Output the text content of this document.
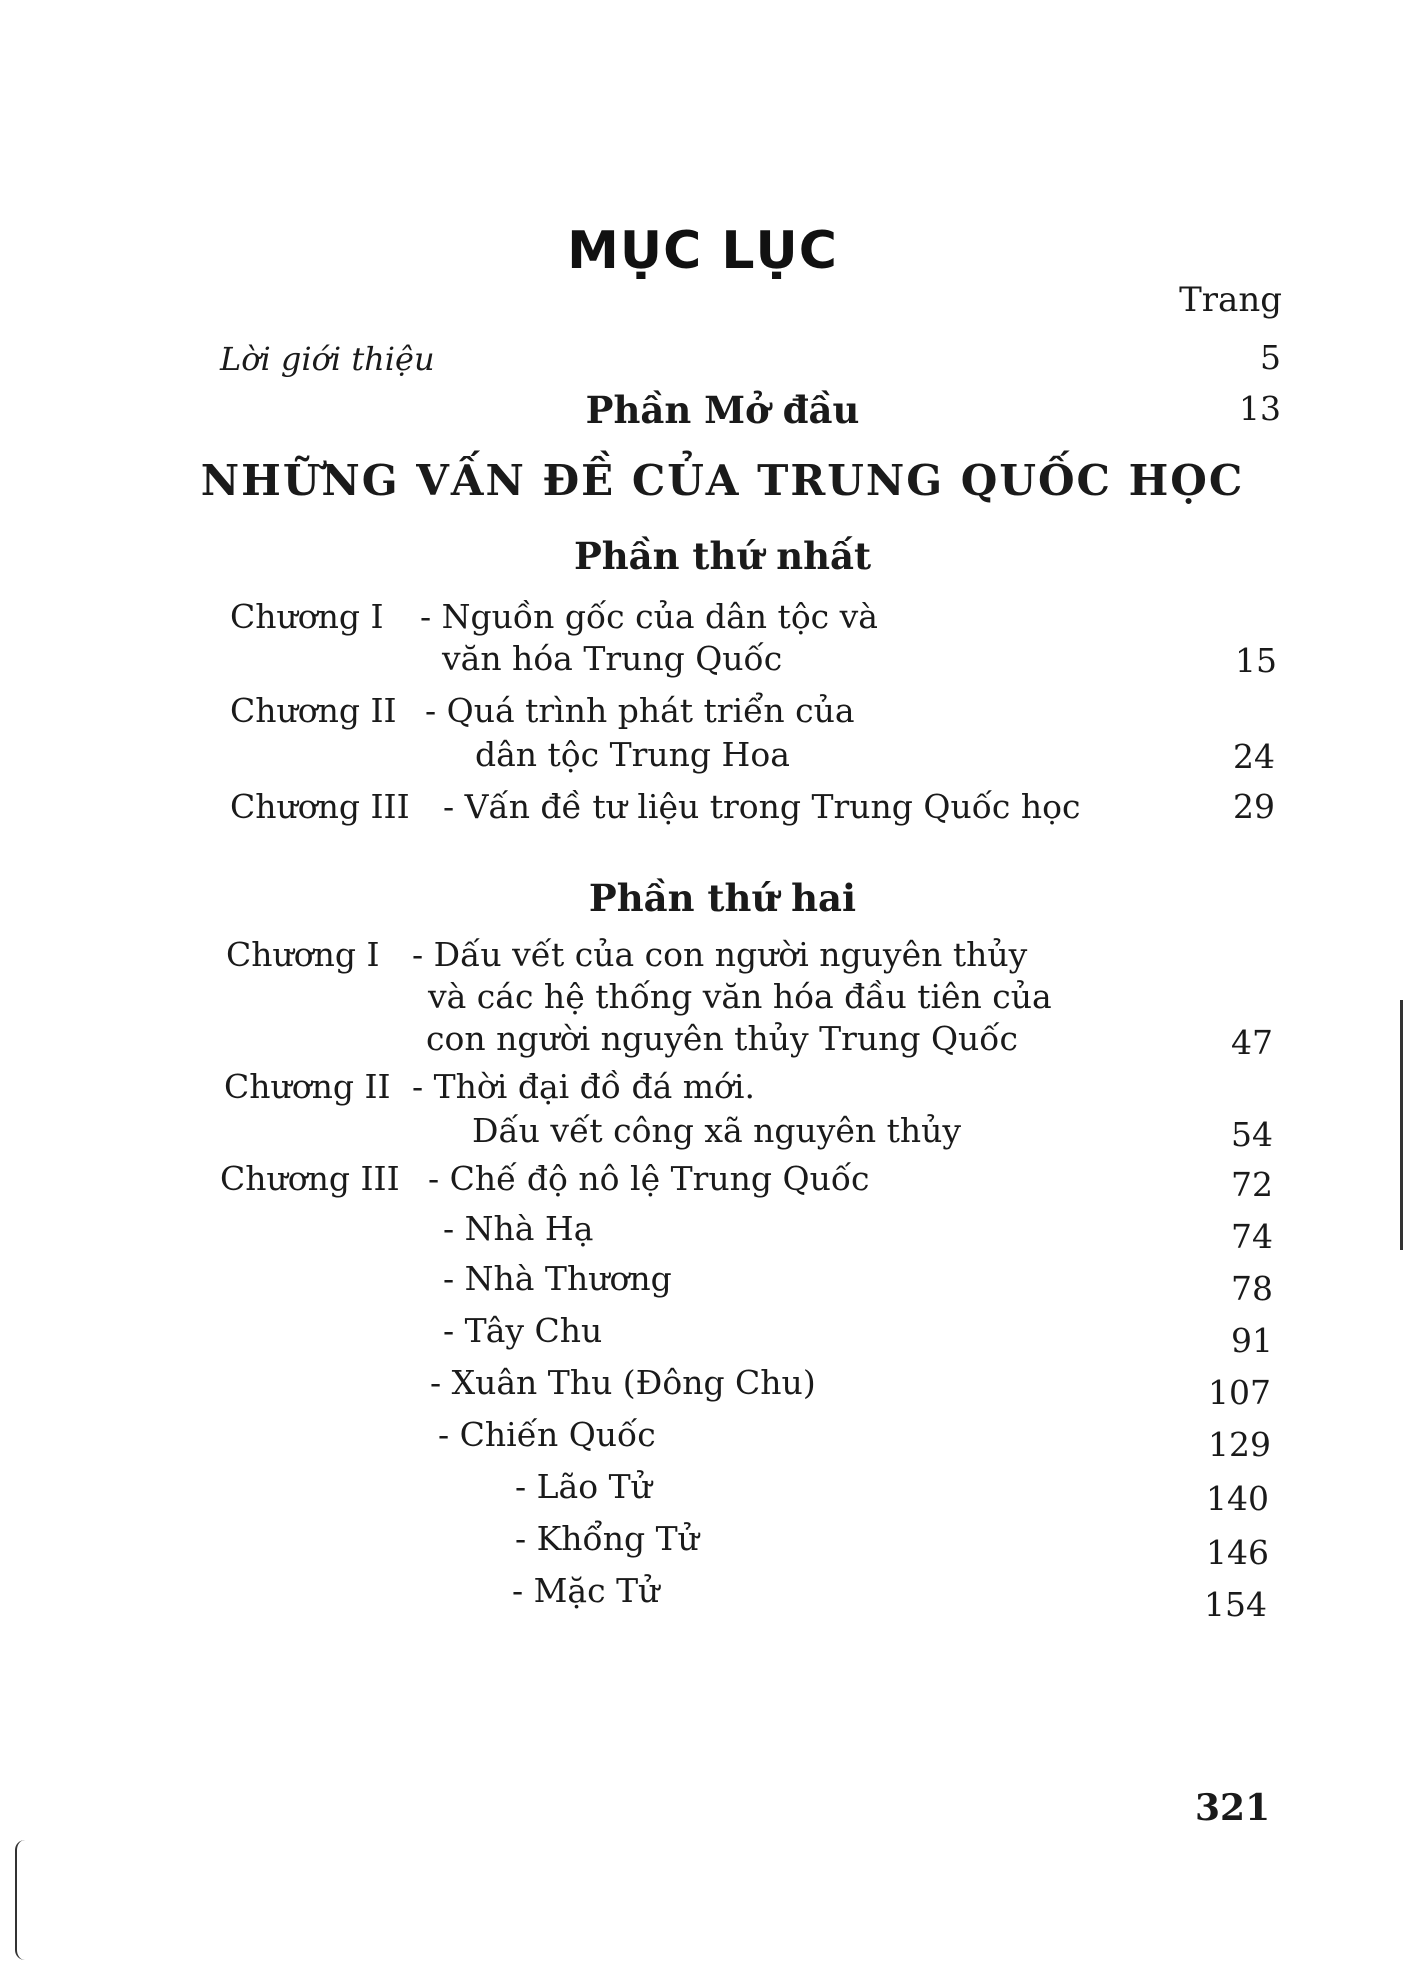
MỤC LỤC
Trang
Lời giới thiệu	5
Phần Mở đầu	13
NHỮNG VẤN ĐỀ CỦA TRUNG QUỐC HỌC
Phần thứ nhất
Chương I - Nguồn gốc của dân tộc và
văn hóa Trung Quốc	15
Chương II - Quá trình phát triển của
dân tộc Trung Hoa	24
Chương III - Vấn đề tư liệu trong Trung Quốc học	29
Phần thứ hai
Chương I - Dấu vết của con người nguyên thủy
và các hệ thống văn hóa đầu tiên của
con người nguyên thủy Trung Quốc	47
Chương II - Thời đại đồ đá mới.
Dấu vết công xã nguyên thủy	54
Chương III - Chế độ nô lệ Trung Quốc	72
- Nhà Hạ	74
- Nhà Thương	78
- Tây Chu	91
- Xuân Thu (Đông Chu)	107
- Chiến Quốc	129
- Lão Tử	140
- Khổng Tử	146
- Mặc Tử	154
321
